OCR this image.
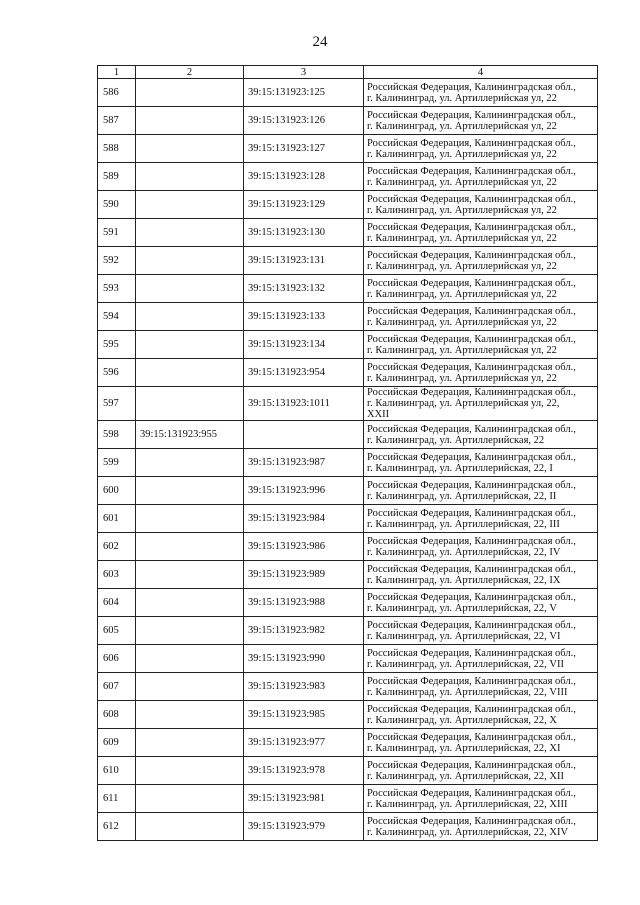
24
1	2	3	4
586		39:15:131923:125	Российская Федерация, Калининградская обл.,
г. Калининград, ул. Артиллерийская ул, 22

587		39:15:131923:126	Российская Федерация, Калининградская обл.,
г. Калининград, ул. Артиллерийская ул, 22

588		39:15:131923:127	Российская Федерация, Калининградская обл.,
г. Калининград, ул. Артиллерийская ул, 22

589		39:15:131923:128	Российская Федерация, Калининградская обл.,
г. Калининград, ул. Артиллерийская ул, 22

590		39:15:131923:129	Российская Федерация, Калининградская обл.,
г. Калининград, ул. Артиллерийская ул, 22

591		39:15:131923:130	Российская Федерация, Калининградская обл.,
г. Калининград, ул. Артиллерийская ул, 22

592		39:15:131923:131	Российская Федерация, Калининградская обл.,
г. Калининград, ул. Артиллерийская ул, 22

593		39:15:131923:132	Российская Федерация, Калининградская обл.,
г. Калининград, ул. Артиллерийская ул, 22

594		39:15:131923:133	Российская Федерация, Калининградская обл.,
г. Калининград, ул. Артиллерийская ул, 22

595		39:15:131923:134	Российская Федерация, Калининградская обл.,
г. Калининград, ул. Артиллерийская ул, 22

596		39:15:131923:954	Российская Федерация, Калининградская обл.,
г. Калининград, ул. Артиллерийская ул, 22

597		39:15:131923:1011	Российская Федерация, Калининградская обл.,
г. Калининград, ул. Артиллерийская ул, 22,
XXII

598	39:15:131923:955		Российская Федерация, Калининградская обл.,
г. Калининград, ул. Артиллерийская, 22

599		39:15:131923:987	Российская Федерация, Калининградская обл.,
г. Калининград, ул. Артиллерийская, 22, I

600		39:15:131923:996	Российская Федерация, Калининградская обл.,
г. Калининград, ул. Артиллерийская, 22, II

601		39:15:131923:984	Российская Федерация, Калининградская обл.,
г. Калининград, ул. Артиллерийская, 22, III

602		39:15:131923:986	Российская Федерация, Калининградская обл.,
г. Калининград, ул. Артиллерийская, 22, IV

603		39:15:131923:989	Российская Федерация, Калининградская обл.,
г. Калининград, ул. Артиллерийская, 22, IX

604		39:15:131923:988	Российская Федерация, Калининградская обл.,
г. Калининград, ул. Артиллерийская, 22, V

605		39:15:131923:982	Российская Федерация, Калининградская обл.,
г. Калининград, ул. Артиллерийская, 22, VI

606		39:15:131923:990	Российская Федерация, Калининградская обл.,
г. Калининград, ул. Артиллерийская, 22, VII

607		39:15:131923:983	Российская Федерация, Калининградская обл.,
г. Калининград, ул. Артиллерийская, 22, VIII

608		39:15:131923:985	Российская Федерация, Калининградская обл.,
г. Калининград, ул. Артиллерийская, 22, X

609		39:15:131923:977	Российская Федерация, Калининградская обл.,
г. Калининград, ул. Артиллерийская, 22, XI

610		39:15:131923:978	Российская Федерация, Калининградская обл.,
г. Калининград, ул. Артиллерийская, 22, XII

611		39:15:131923:981	Российская Федерация, Калининградская обл.,
г. Калининград, ул. Артиллерийская, 22, XIII

612		39:15:131923:979	Российская Федерация, Калининградская обл.,
г. Калининград, ул. Артиллерийская, 22, XIV
